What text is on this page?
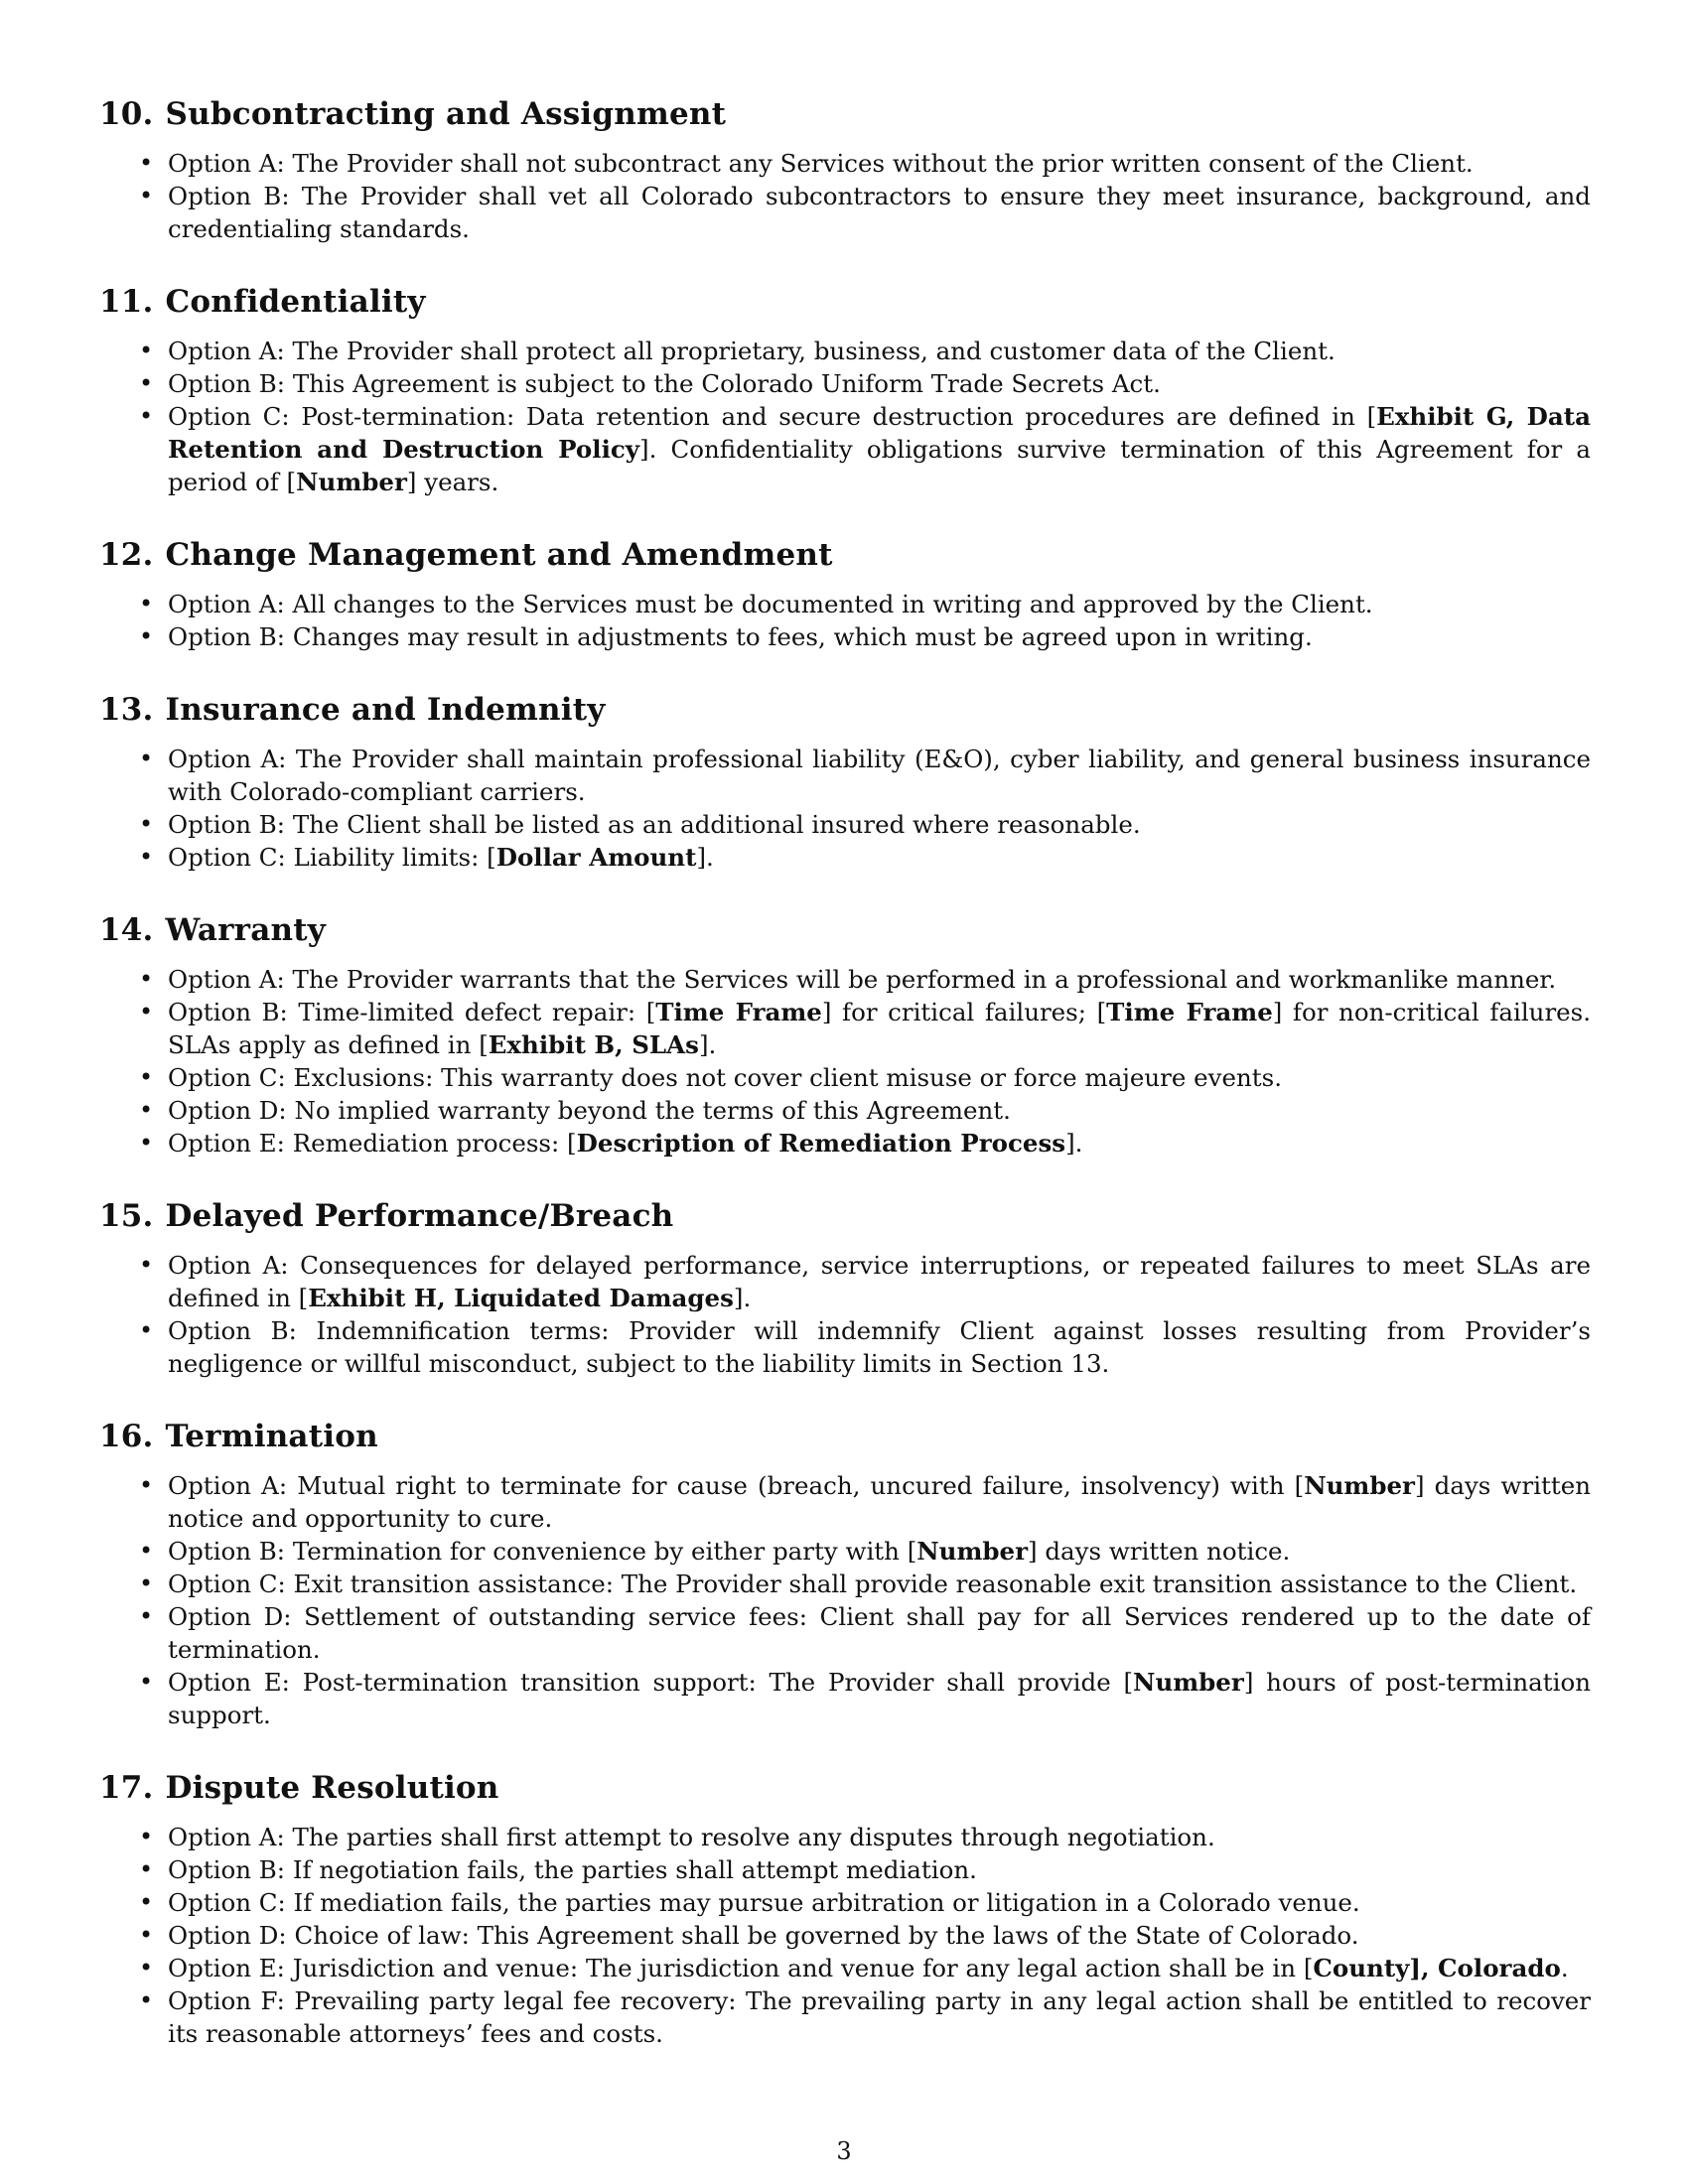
10. Subcontracting and Assignment
• Option A: The Provider shall not subcontract any Services without the prior written consent of the Client.
• Option B: The Provider shall vet all Colorado subcontractors to ensure they meet insurance, background, and credentialing standards.
11. Confidentiality
• Option A: The Provider shall protect all proprietary, business, and customer data of the Client.
• Option B: This Agreement is subject to the Colorado Uniform Trade Secrets Act.
• Option C: Post-termination: Data retention and secure destruction procedures are defined in [Exhibit G, Data Retention and Destruction Policy]. Confidentiality obligations survive termination of this Agreement for a period of [Number] years.
12. Change Management and Amendment
• Option A: All changes to the Services must be documented in writing and approved by the Client.
• Option B: Changes may result in adjustments to fees, which must be agreed upon in writing.
13. Insurance and Indemnity
• Option A: The Provider shall maintain professional liability (E&O), cyber liability, and general business insurance with Colorado-compliant carriers.
• Option B: The Client shall be listed as an additional insured where reasonable.
• Option C: Liability limits: [Dollar Amount].
14. Warranty
• Option A: The Provider warrants that the Services will be performed in a professional and workmanlike manner.
• Option B: Time-limited defect repair: [Time Frame] for critical failures; [Time Frame] for non-critical failures. SLAs apply as defined in [Exhibit B, SLAs].
• Option C: Exclusions: This warranty does not cover client misuse or force majeure events.
• Option D: No implied warranty beyond the terms of this Agreement.
• Option E: Remediation process: [Description of Remediation Process].
15. Delayed Performance/Breach
• Option A: Consequences for delayed performance, service interruptions, or repeated failures to meet SLAs are defined in [Exhibit H, Liquidated Damages].
• Option B: Indemnification terms: Provider will indemnify Client against losses resulting from Provider’s negligence or willful misconduct, subject to the liability limits in Section 13.
16. Termination
• Option A: Mutual right to terminate for cause (breach, uncured failure, insolvency) with [Number] days written notice and opportunity to cure.
• Option B: Termination for convenience by either party with [Number] days written notice.
• Option C: Exit transition assistance: The Provider shall provide reasonable exit transition assistance to the Client.
• Option D: Settlement of outstanding service fees: Client shall pay for all Services rendered up to the date of termination.
• Option E: Post-termination transition support: The Provider shall provide [Number] hours of post-termination support.
17. Dispute Resolution
• Option A: The parties shall first attempt to resolve any disputes through negotiation.
• Option B: If negotiation fails, the parties shall attempt mediation.
• Option C: If mediation fails, the parties may pursue arbitration or litigation in a Colorado venue.
• Option D: Choice of law: This Agreement shall be governed by the laws of the State of Colorado.
• Option E: Jurisdiction and venue: The jurisdiction and venue for any legal action shall be in [County], Colorado.
• Option F: Prevailing party legal fee recovery: The prevailing party in any legal action shall be entitled to recover its reasonable attorneys’ fees and costs.
3
